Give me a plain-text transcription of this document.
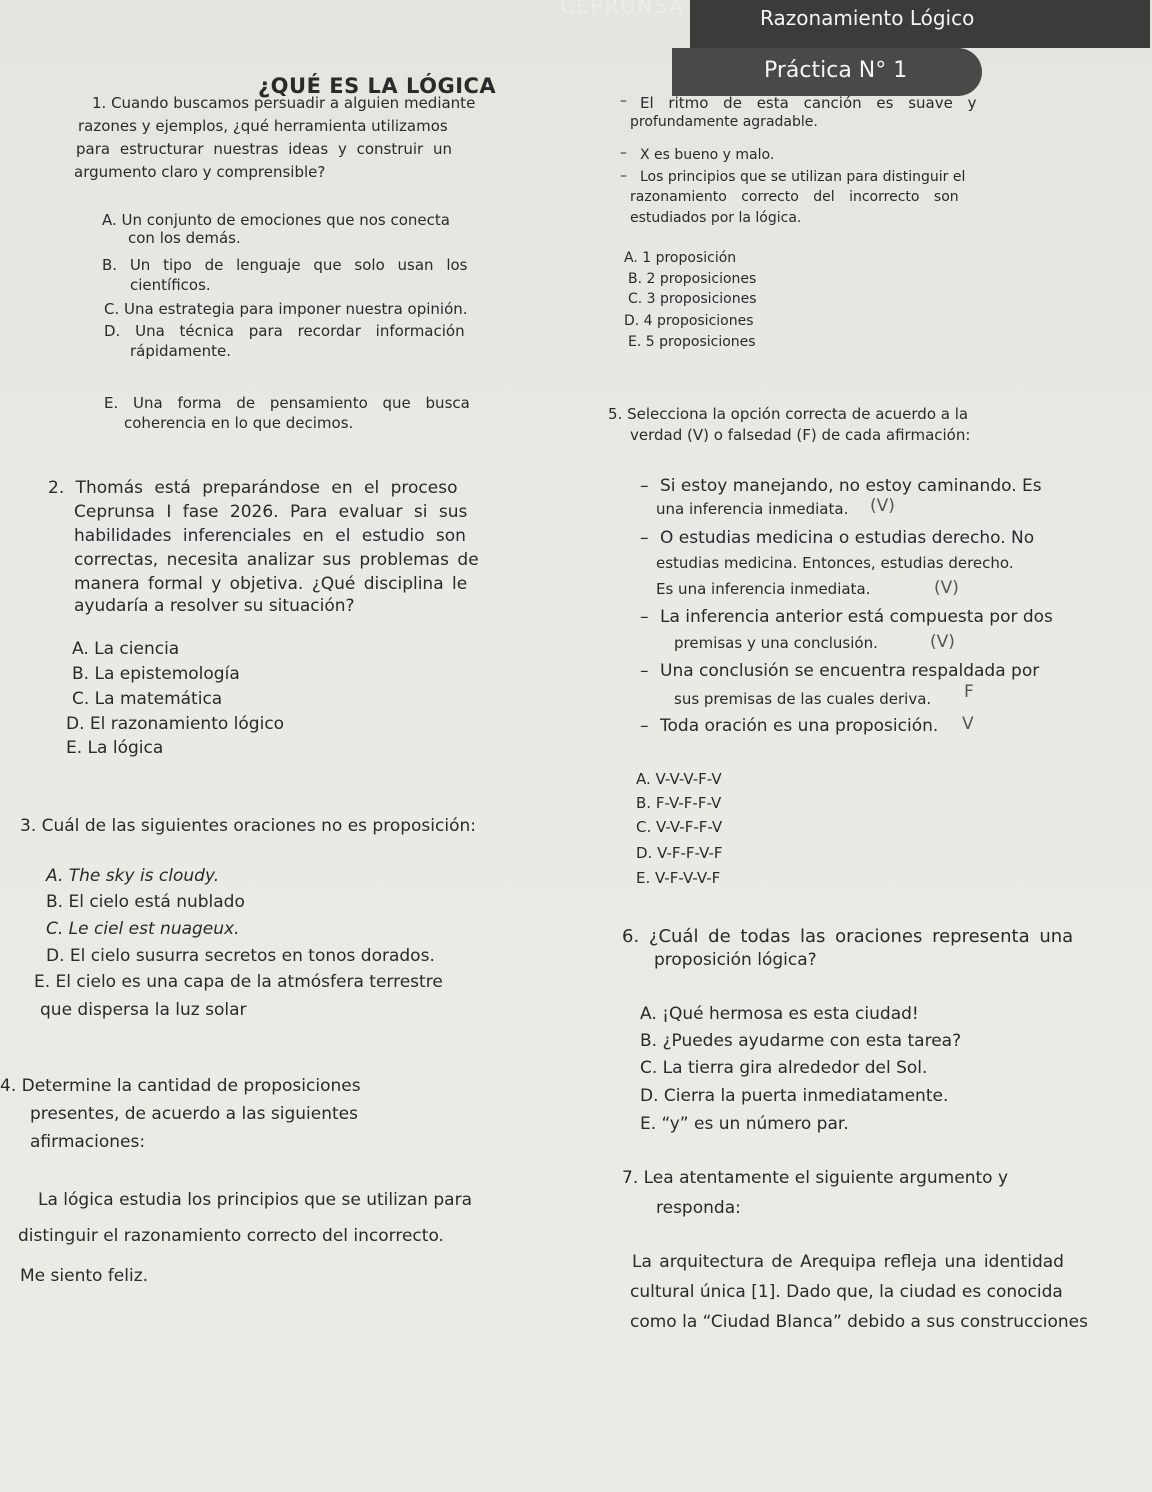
CEPRUNSA	Razonamiento Lógico
Práctica N° 1
¿QUÉ ES LA LÓGICA
1. Cuando buscamos persuadir a alguien mediante
razones y ejemplos, ¿qué herramienta utilizamos
para estructurar nuestras ideas y construir un
argumento claro y comprensible?
A. Un conjunto de emociones que nos conecta
con los demás.
B. Un tipo de lenguaje que solo usan los
científicos.
C. Una estrategia para imponer nuestra opinión.
D. Una técnica para recordar información
rápidamente.
E. Una forma de pensamiento que busca
coherencia en lo que decimos.
– El ritmo de esta canción es suave y
profundamente agradable.
– X es bueno y malo.
– Los principios que se utilizan para distinguir el
razonamiento correcto del incorrecto son
estudiados por la lógica.
A. 1 proposición
B. 2 proposiciones
C. 3 proposiciones
D. 4 proposiciones
E. 5 proposiciones
5. Selecciona la opción correcta de acuerdo a la
verdad (V) o falsedad (F) de cada afirmación:
– Si estoy manejando, no estoy caminando. Es
una inferencia inmediata. (V)
– O estudias medicina o estudias derecho. No
estudias medicina. Entonces, estudias derecho.
Es una inferencia inmediata.	(V)
– La inferencia anterior está compuesta por dos
premisas y una conclusión.	(V)
– Una conclusión se encuentra respaldada por
sus premisas de las cuales deriva. F
– Toda oración es una proposición. V
A. V-V-V-F-V
B. F-V-F-F-V
C. V-V-F-F-V
D. V-F-F-V-F
E. V-F-V-V-F
2. Thomás está preparándose en el proceso
Ceprunsa I fase 2026. Para evaluar si sus
habilidades inferenciales en el estudio son
correctas, necesita analizar sus problemas de
manera formal y objetiva. ¿Qué disciplina le
ayudaría a resolver su situación?
A. La ciencia
B. La epistemología
C. La matemática
D. El razonamiento lógico
E. La lógica
3. Cuál de las siguientes oraciones no es proposición:
A. The sky is cloudy.
B. El cielo está nublado
C. Le ciel est nuageux.
D. El cielo susurra secretos en tonos dorados.
E. El cielo es una capa de la atmósfera terrestre
que dispersa la luz solar
6. ¿Cuál de todas las oraciones representa una
proposición lógica?
A. ¡Qué hermosa es esta ciudad!
B. ¿Puedes ayudarme con esta tarea?
C. La tierra gira alrededor del Sol.
D. Cierra la puerta inmediatamente.
E. “y” es un número par.
4. Determine la cantidad de proposiciones
presentes, de acuerdo a las siguientes
afirmaciones:
La lógica estudia los principios que se utilizan para
distinguir el razonamiento correcto del incorrecto.
Me siento feliz.
7. Lea atentamente el siguiente argumento y
responda:
La arquitectura de Arequipa refleja una identidad
cultural única [1]. Dado que, la ciudad es conocida
como la “Ciudad Blanca” debido a sus construcciones
